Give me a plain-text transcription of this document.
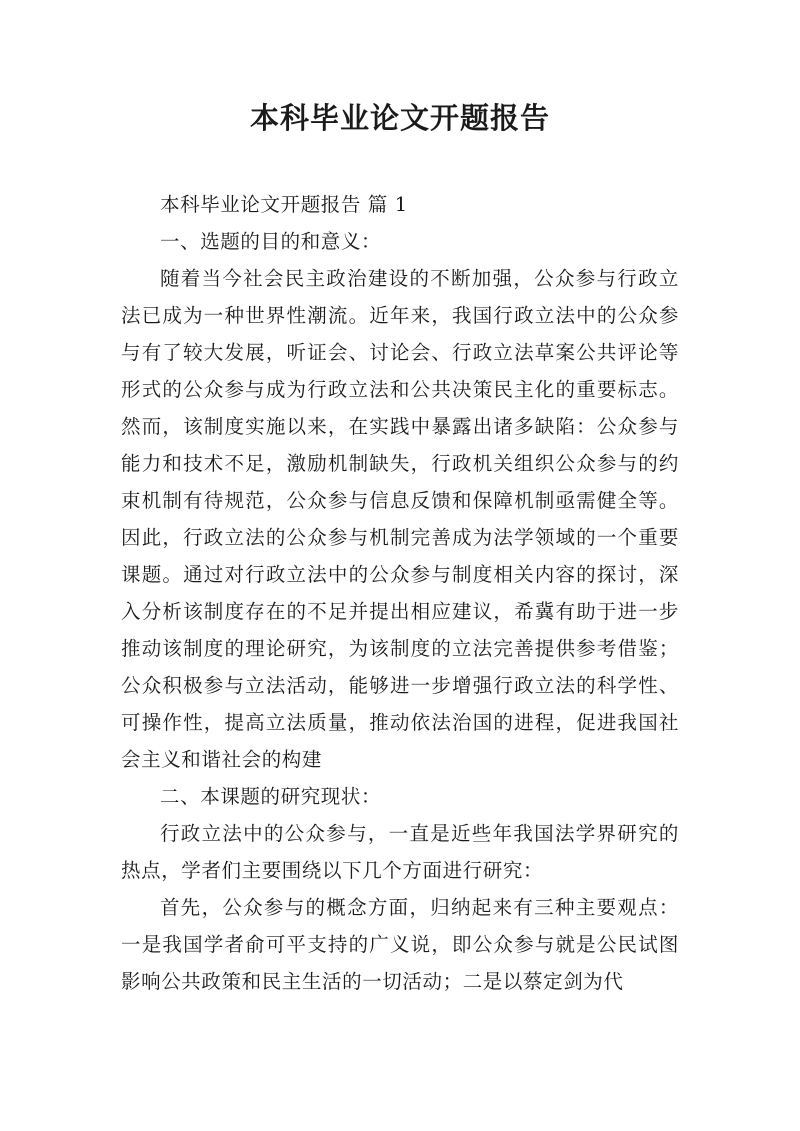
本科毕业论文开题报告

本科毕业论文开题报告 篇 1

一、选题的目的和意义：

随着当今社会民主政治建设的不断加强，公众参与行政立法已成为一种世界性潮流。近年来，我国行政立法中的公众参与有了较大发展，听证会、讨论会、行政立法草案公共评论等形式的公众参与成为行政立法和公共决策民主化的重要标志。然而，该制度实施以来，在实践中暴露出诸多缺陷：公众参与能力和技术不足，激励机制缺失，行政机关组织公众参与的约束机制有待规范，公众参与信息反馈和保障机制亟需健全等。因此，行政立法的公众参与机制完善成为法学领域的一个重要课题。通过对行政立法中的公众参与制度相关内容的探讨，深入分析该制度存在的不足并提出相应建议，希冀有助于进一步推动该制度的理论研究，为该制度的立法完善提供参考借鉴；公众积极参与立法活动，能够进一步增强行政立法的科学性、可操作性，提高立法质量，推动依法治国的进程，促进我国社会主义和谐社会的构建

二、本课题的研究现状：

行政立法中的公众参与，一直是近些年我国法学界研究的热点，学者们主要围绕以下几个方面进行研究：

首先，公众参与的概念方面，归纳起来有三种主要观点：一是我国学者俞可平支持的广义说，即公众参与就是公民试图影响公共政策和民主生活的一切活动；二是以蔡定剑为代
